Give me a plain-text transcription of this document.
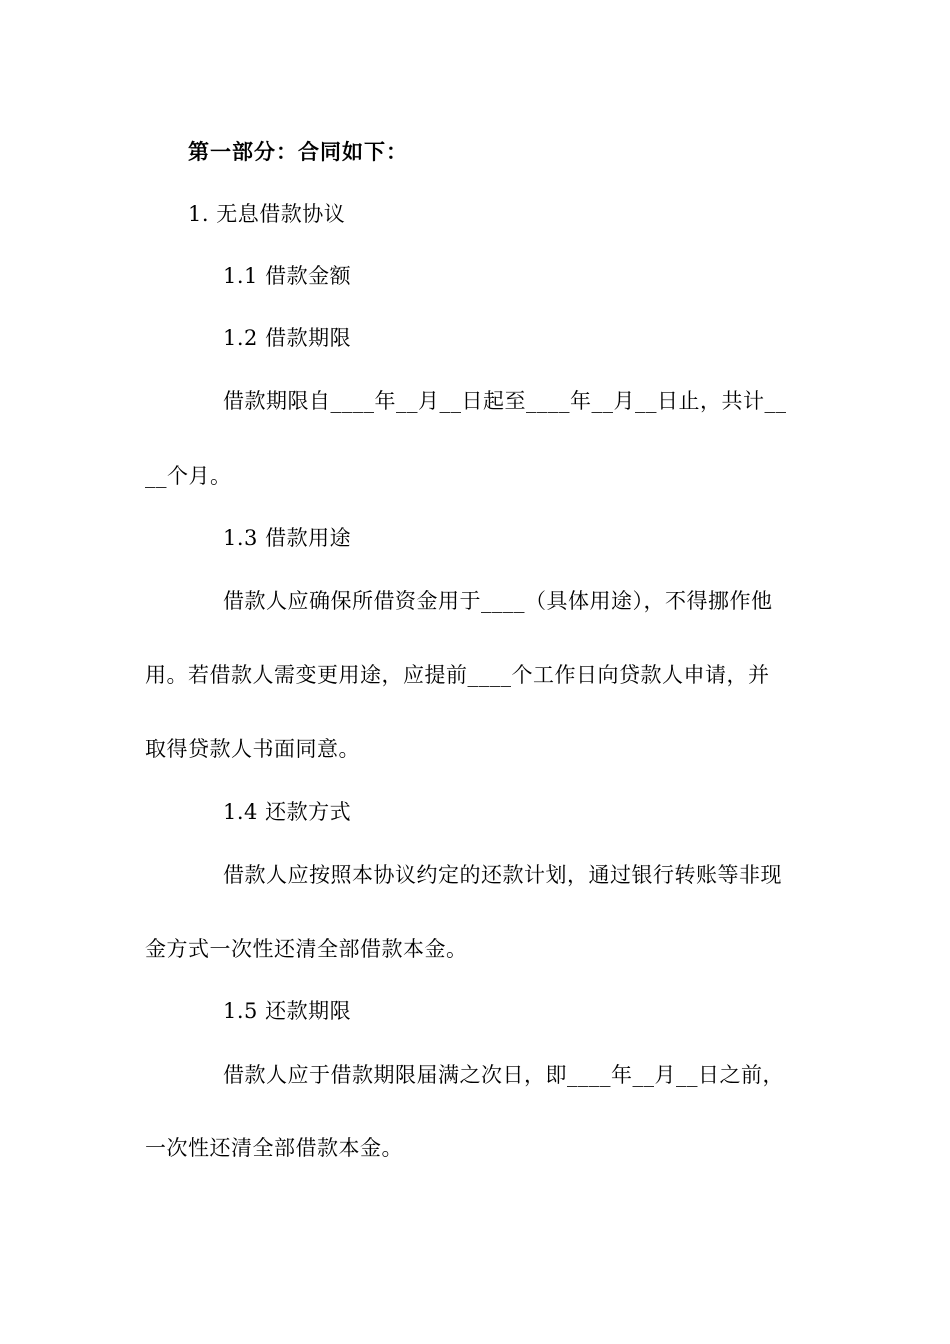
第一部分：合同如下：
1. 无息借款协议
1.1 借款金额
1.2 借款期限
借款期限自____年__月__日起至____年__月__日止，共计__
__个月。
1.3 借款用途
借款人应确保所借资金用于____（具体用途），不得挪作他
用。若借款人需变更用途，应提前____个工作日向贷款人申请，并
取得贷款人书面同意。
1.4 还款方式
借款人应按照本协议约定的还款计划，通过银行转账等非现
金方式一次性还清全部借款本金。
1.5 还款期限
借款人应于借款期限届满之次日，即____年__月__日之前，
一次性还清全部借款本金。
